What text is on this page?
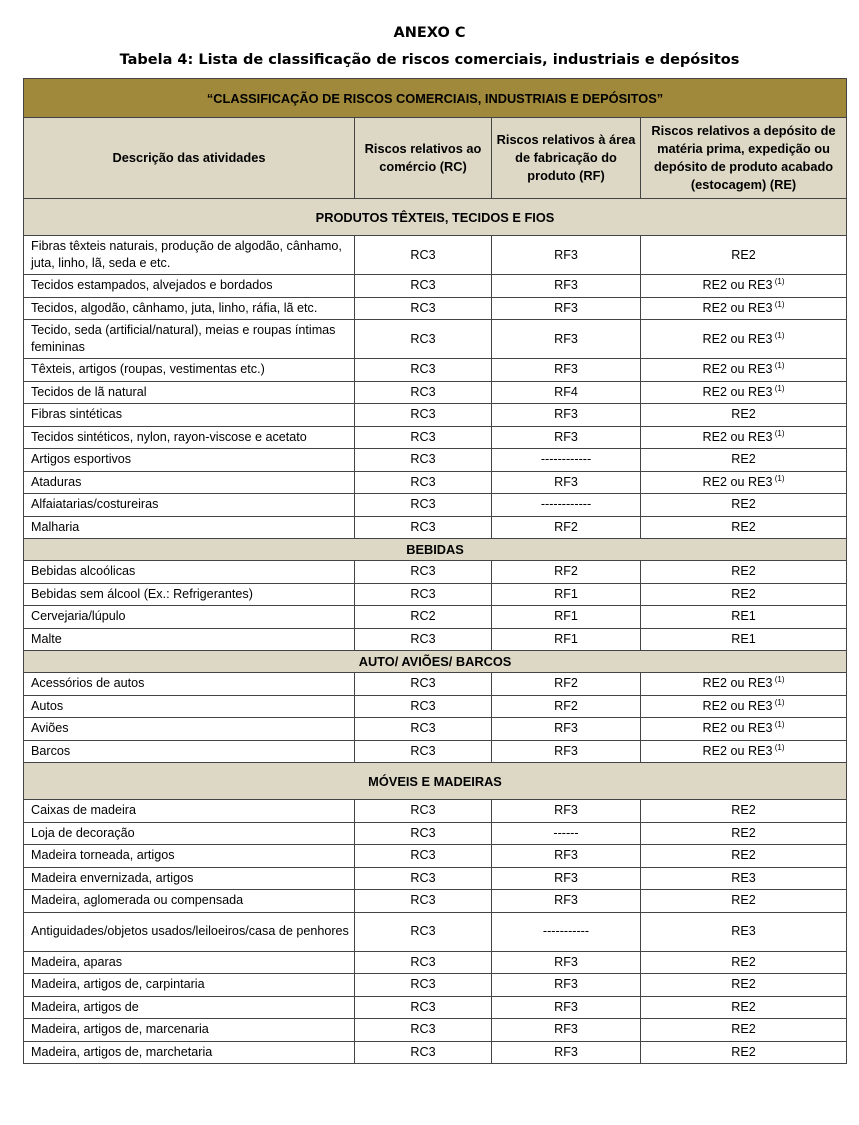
ANEXO C
Tabela 4: Lista de classificação de riscos comerciais, industriais e depósitos
“CLASSIFICAÇÃO DE RISCOS COMERCIAIS, INDUSTRIAIS E DEPÓSITOS”			
Descrição das atividades	Riscos relativos ao comércio (RC)	Riscos relativos à área de fabricação do produto (RF)	Riscos relativos a depósito de matéria prima, expedição ou depósito de produto acabado (estocagem) (RE)
PRODUTOS TÊXTEIS, TECIDOS E FIOS			
Fibras têxteis naturais, produção de algodão, cânhamo, juta, linho, lã, seda e etc.	RC3	RF3	RE2
Tecidos estampados, alvejados e bordados	RC3	RF3	RE2 ou RE3 $^{(1)}$
Tecidos, algodão, cânhamo, juta, linho, ráfia, lã etc.	RC3	RF3	RE2 ou RE3 $^{(1)}$
Tecido, seda (artificial/natural), meias e roupas íntimas femininas	RC3	RF3	RE2 ou RE3 $^{(1)}$
Têxteis, artigos (roupas, vestimentas etc.)	RC3	RF3	RE2 ou RE3 $^{(1)}$
Tecidos de lã natural	RC3	RF4	RE2 ou RE3 $^{(1)}$
Fibras sintéticas	RC3	RF3	RE2
Tecidos sintéticos, nylon, rayon-viscose e acetato	RC3	RF3	RE2 ou RE3 $^{(1)}$
Artigos esportivos	RC3	------------	RE2
Ataduras	RC3	RF3	RE2 ou RE3 $^{(1)}$
Alfaiatarias/costureiras	RC3	------------	RE2
Malharia	RC3	RF2	RE2
BEBIDAS			
Bebidas alcoólicas	RC3	RF2	RE2
Bebidas sem álcool (Ex.: Refrigerantes)	RC3	RF1	RE2
Cervejaria/lúpulo	RC2	RF1	RE1
Malte	RC3	RF1	RE1
AUTO/ AVIÕES/ BARCOS			
Acessórios de autos	RC3	RF2	RE2 ou RE3 $^{(1)}$
Autos	RC3	RF2	RE2 ou RE3 $^{(1)}$
Aviões	RC3	RF3	RE2 ou RE3 $^{(1)}$
Barcos	RC3	RF3	RE2 ou RE3 $^{(1)}$
MÓVEIS E MADEIRAS			
Caixas de madeira	RC3	RF3	RE2
Loja de decoração	RC3	------	RE2
Madeira torneada, artigos	RC3	RF3	RE2
Madeira envernizada, artigos	RC3	RF3	RE3
Madeira, aglomerada ou compensada	RC3	RF3	RE2
Antiguidades/objetos usados/leiloeiros/casa de penhores	RC3	-----------	RE3
Madeira, aparas	RC3	RF3	RE2
Madeira, artigos de, carpintaria	RC3	RF3	RE2
Madeira, artigos de	RC3	RF3	RE2
Madeira, artigos de, marcenaria	RC3	RF3	RE2
Madeira, artigos de, marchetaria	RC3	RF3	RE2
